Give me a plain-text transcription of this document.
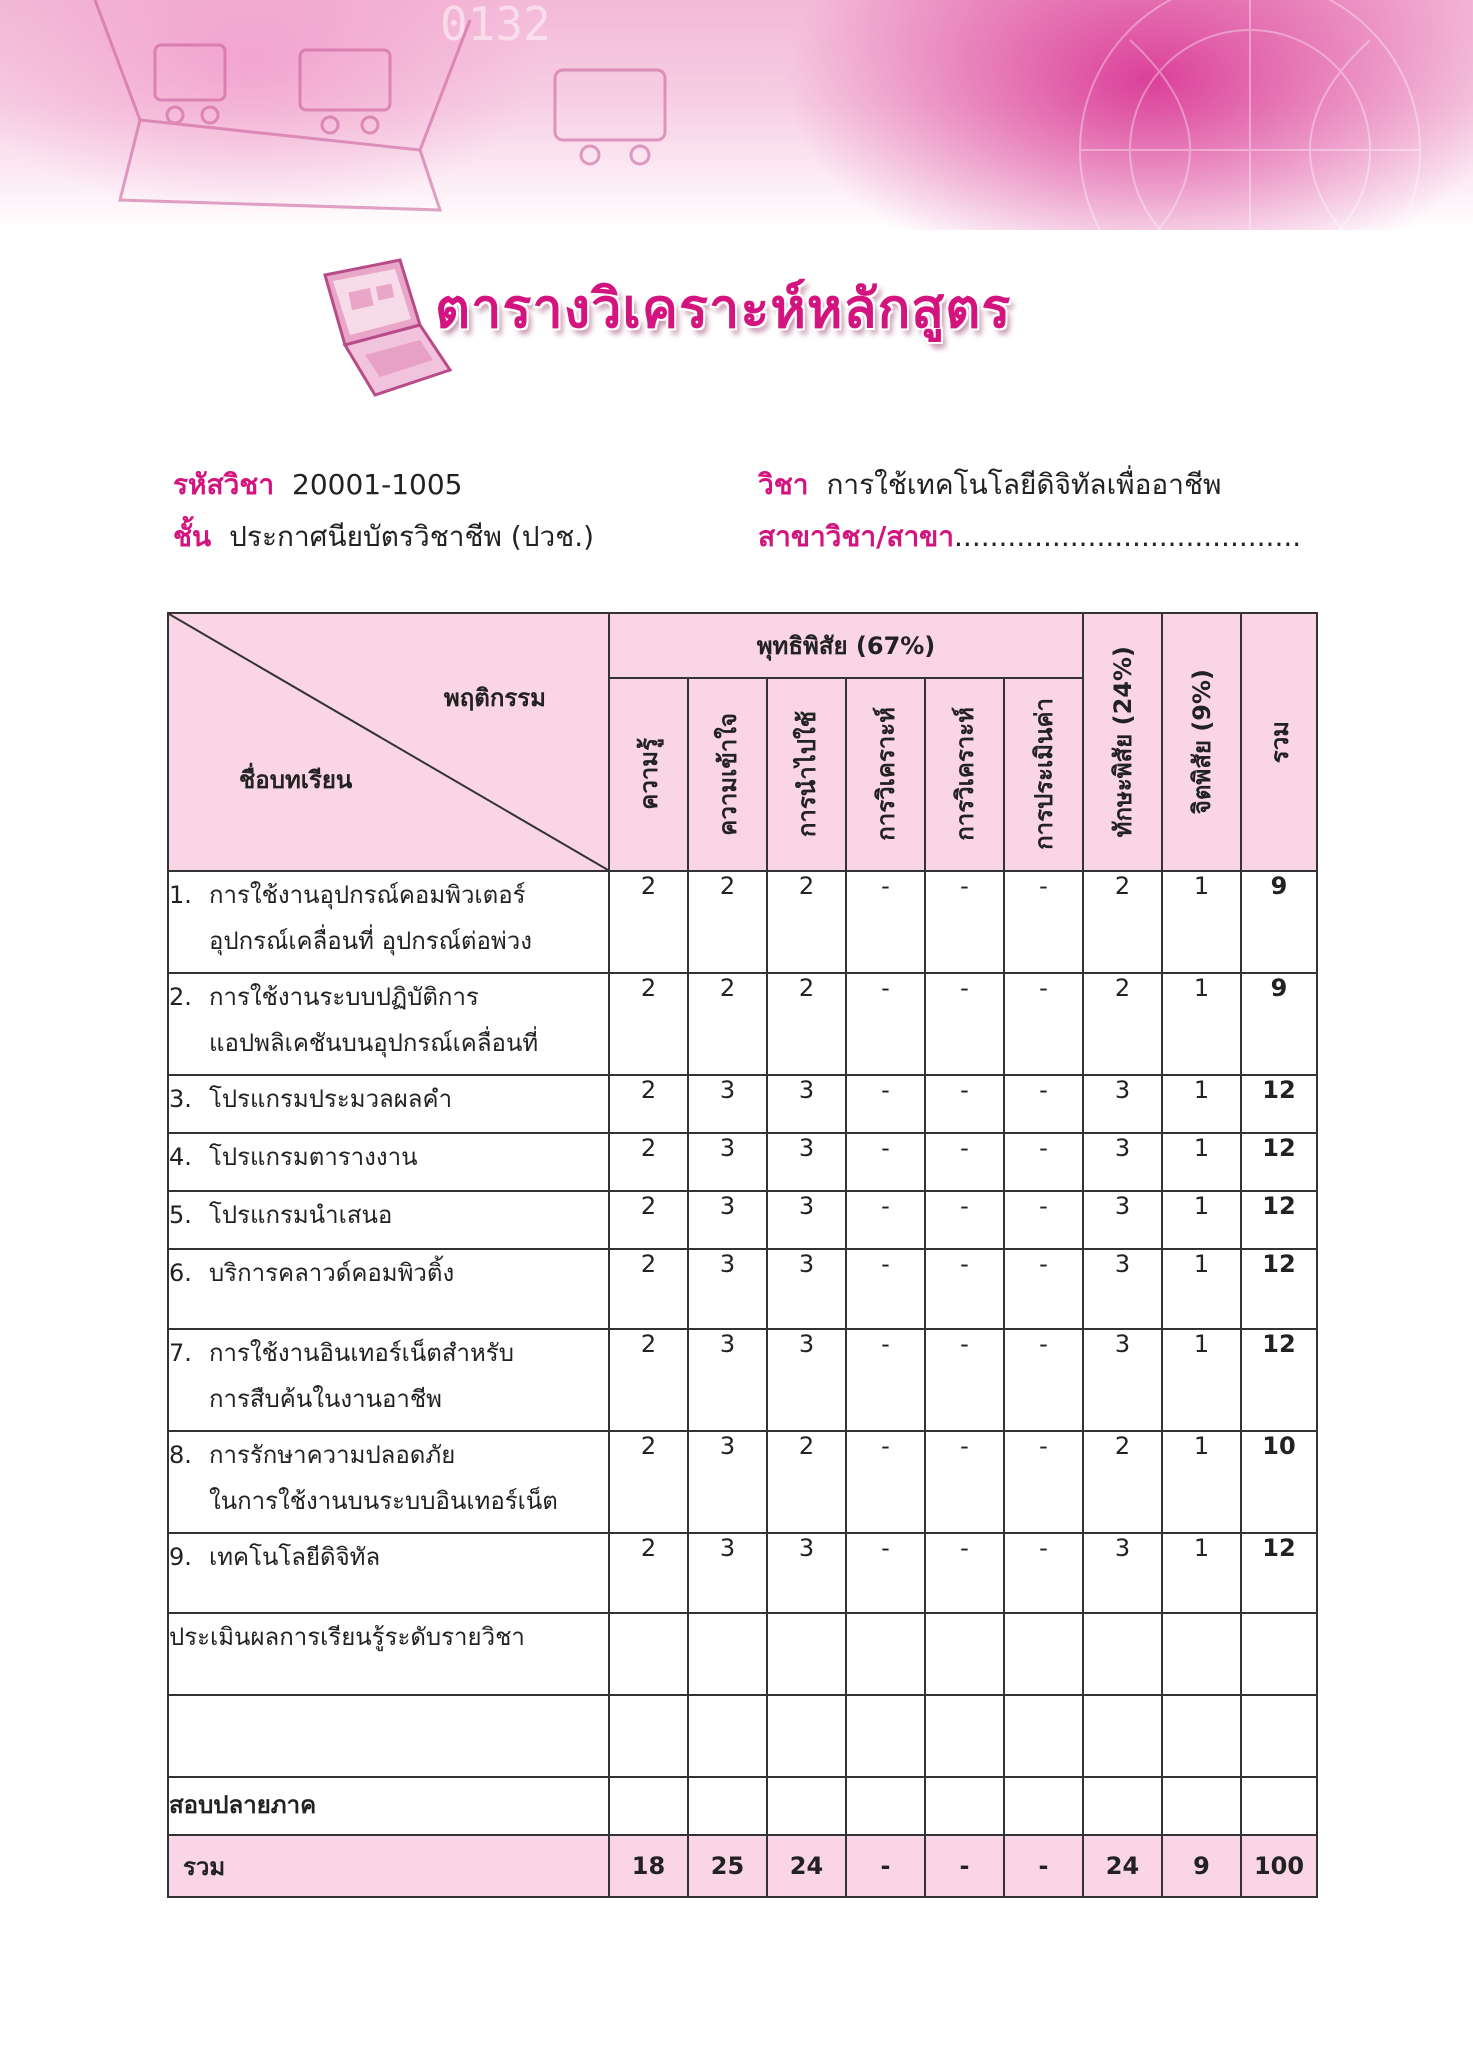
0132
ตารางวิเคราะห์หลักสูตร
รหัสวิชา 20001-1005	วิชา การใช้เทคโนโลยีดิจิทัลเพื่ออาชีพ
ชั้น ประกาศนียบัตรวิชาชีพ (ปวช.)	สาขาวิชา/สาขา.......................................
พฤติกรรม
ชื่อบทเรียน	พุทธิพิสัย (67%)						ทักษะพิสัย (24%)	จิตพิสัย (9%)	รวม

	ความรู้	ความเข้าใจ	การนำไปใช้	การวิเคราะห์	การวิเคราะห์	การประเมินค่า			

1. การใช้งานอุปกรณ์คอมพิวเตอร์
อุปกรณ์เคลื่อนที่ อุปกรณ์ต่อพ่วง	2	2	2	-	-	-	2	1	9
2. การใช้งานระบบปฏิบัติการ
แอปพลิเคชันบนอุปกรณ์เคลื่อนที่	2	2	2	-	-	-	2	1	9
3. โปรแกรมประมวลผลคำ	2	3	3	-	-	-	3	1	12
4. โปรแกรมตารางงาน	2	3	3	-	-	-	3	1	12
5. โปรแกรมนำเสนอ	2	3	3	-	-	-	3	1	12
6. บริการคลาวด์คอมพิวติ้ง	2	3	3	-	-	-	3	1	12
7. การใช้งานอินเทอร์เน็ตสำหรับ
การสืบค้นในงานอาชีพ	2	3	3	-	-	-	3	1	12
8. การรักษาความปลอดภัย
ในการใช้งานบนระบบอินเทอร์เน็ต	2	3	2	-	-	-	2	1	10
9. เทคโนโลยีดิจิทัล	2	3	3	-	-	-	3	1	12
ประเมินผลการเรียนรู้ระดับรายวิชา									

สอบปลายภาค									
รวม	18	25	24	-	-	-	24	9	100
